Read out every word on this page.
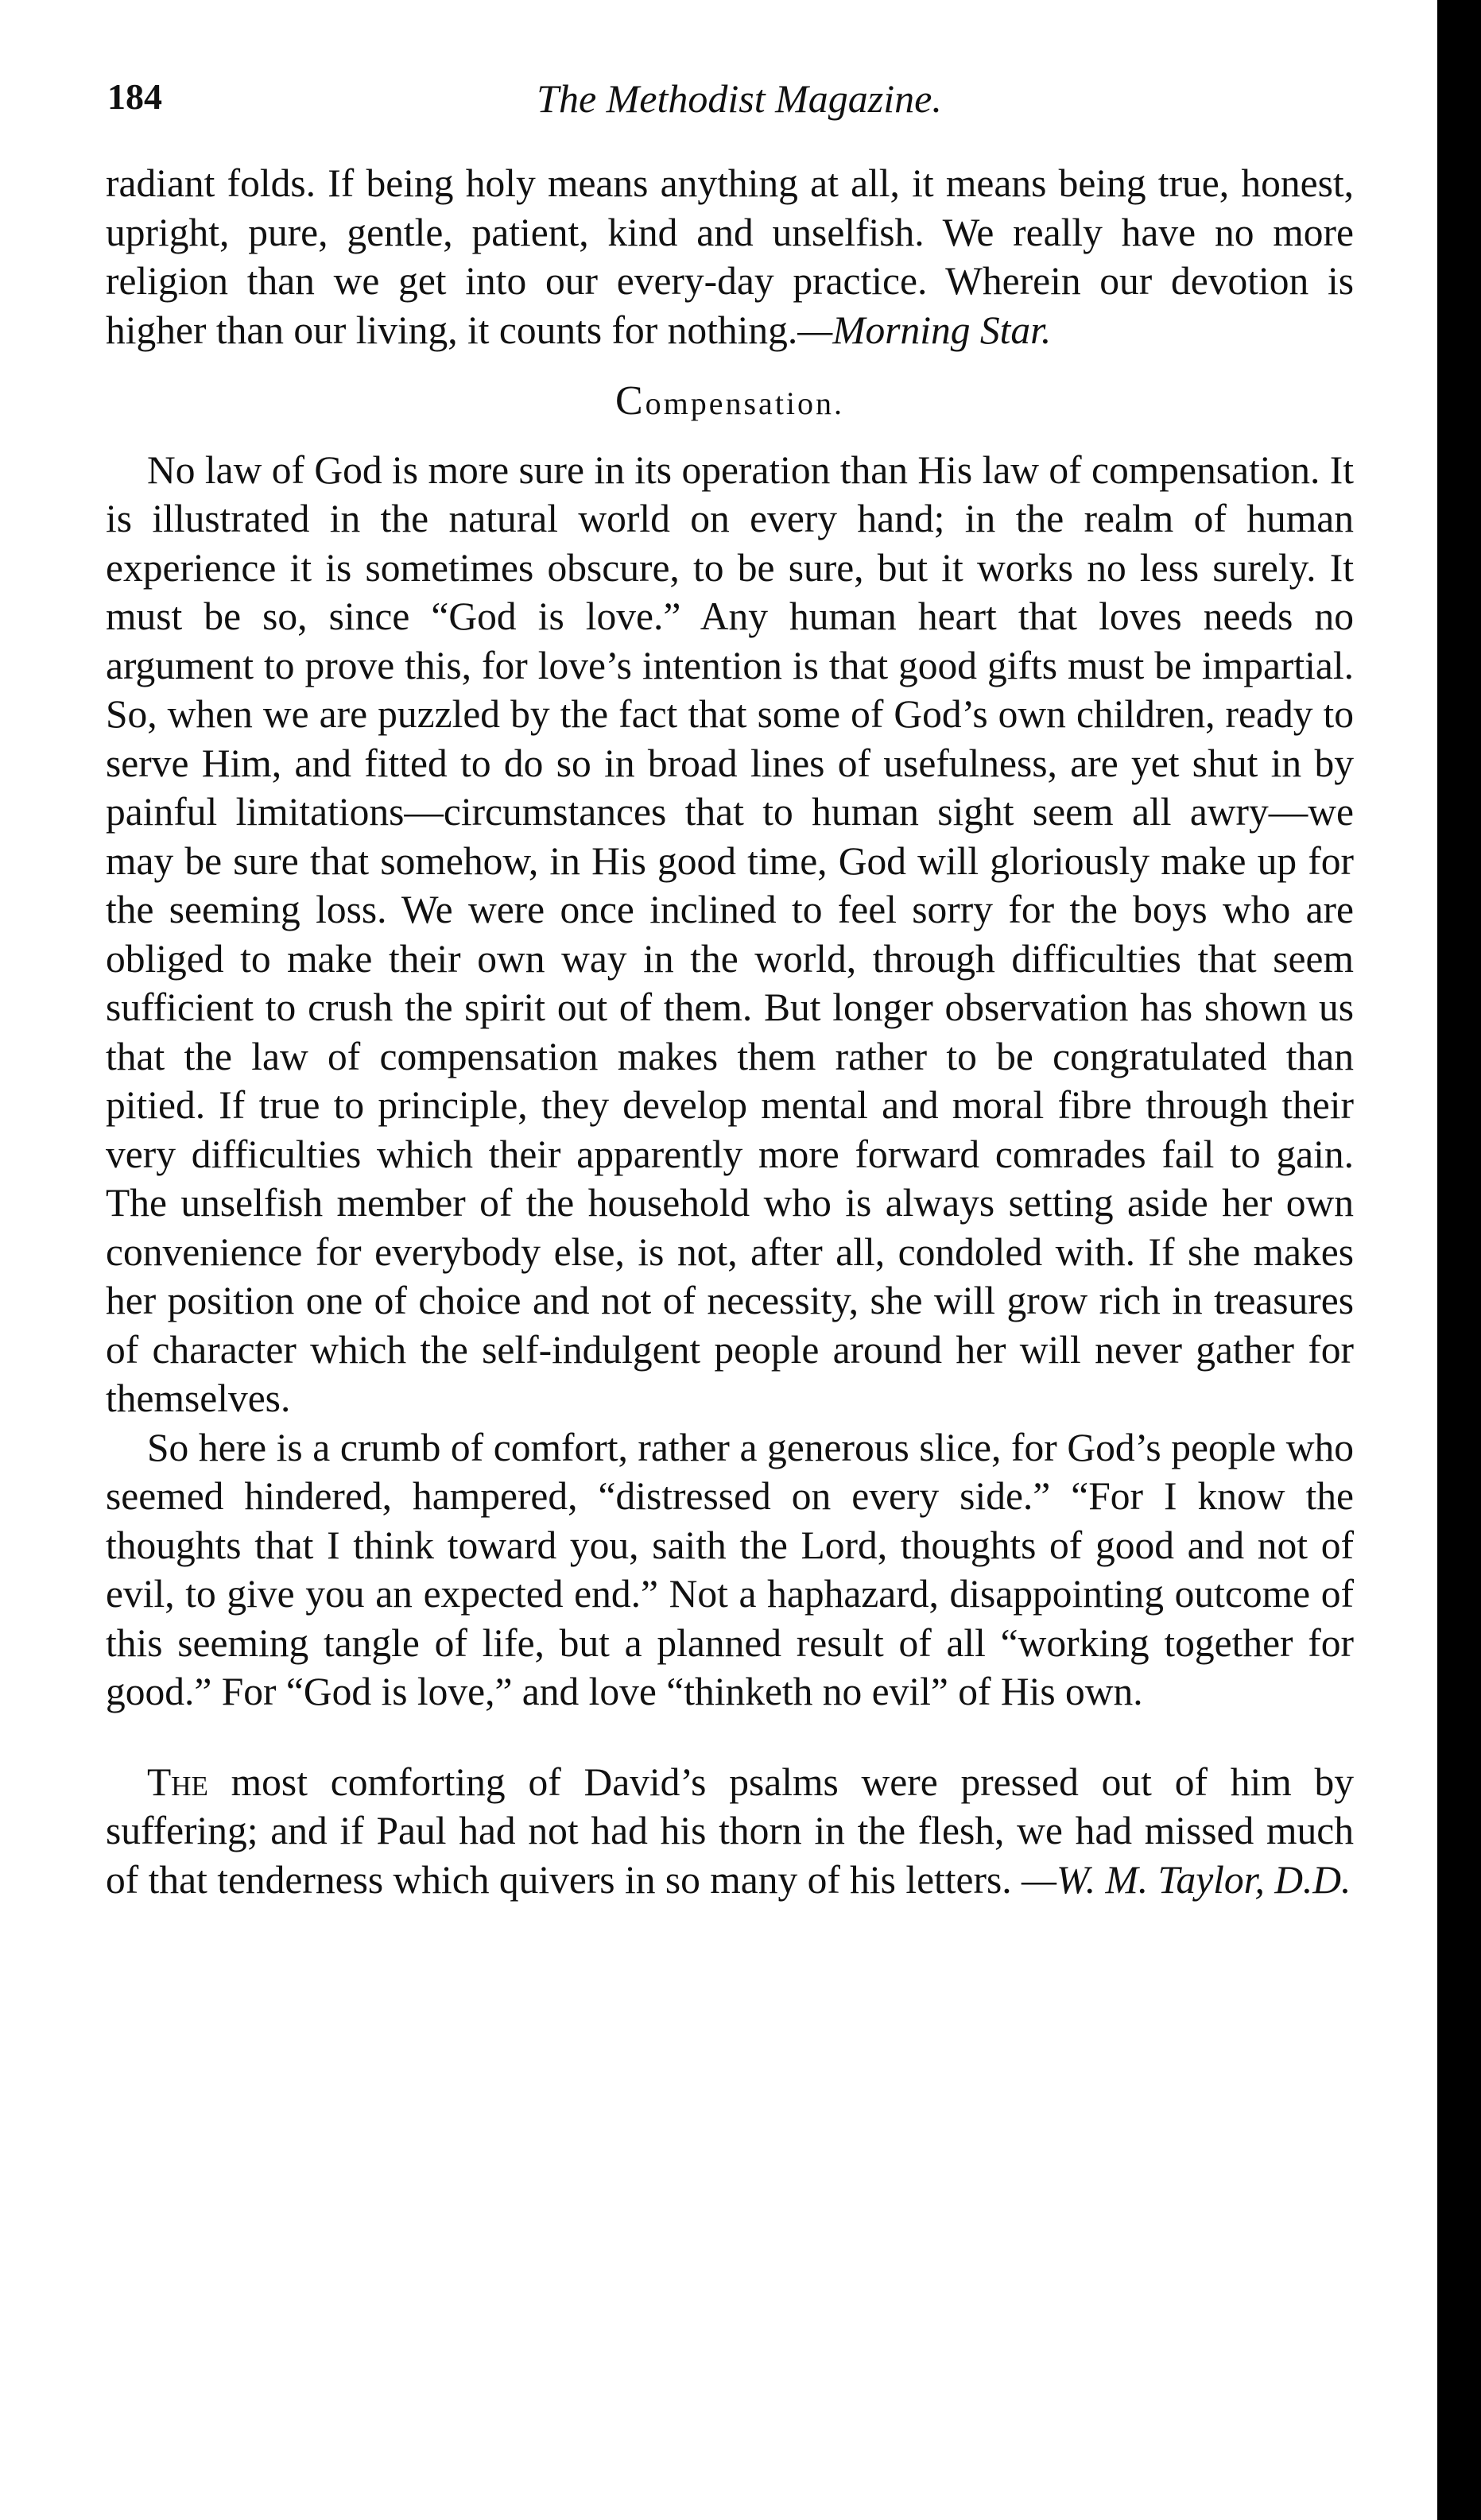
184	The Methodist Magazine.

radiant folds. If being holy means anything at all, it means being true, honest, upright, pure, gentle, patient, kind and unselfish. We really have no more religion than we get into our every-day practice. Wherein our devotion is higher than our living, it counts for nothing.—Morning Star.

Compensation.

No law of God is more sure in its operation than His law of compensation. It is illustrated in the natural world on every hand; in the realm of human experience it is sometimes obscure, to be sure, but it works no less surely. It must be so, since “God is love.” Any human heart that loves needs no argument to prove this, for love’s intention is that good gifts must be impartial. So, when we are puzzled by the fact that some of God’s own children, ready to serve Him, and fitted to do so in broad lines of usefulness, are yet shut in by painful limitations—circumstances that to human sight seem all awry—we may be sure that somehow, in His good time, God will gloriously make up for the seeming loss. We were once inclined to feel sorry for the boys who are obliged to make their own way in the world, through difficulties that seem sufficient to crush the spirit out of them. But longer observation has shown us that the law of compensation makes them rather to be congratulated than pitied. If true to principle, they develop mental and moral fibre through their very difficulties which their apparently more forward comrades fail to gain. The unselfish member of the household who is always setting aside her own convenience for everybody else, is not, after all, condoled with. If she makes her position one of choice and not of necessity, she will grow rich in treasures of character which the self-indulgent people around her will never gather for themselves.

So here is a crumb of comfort, rather a generous slice, for God’s people who seemed hindered, hampered, “distressed on every side.” “For I know the thoughts that I think toward you, saith the Lord, thoughts of good and not of evil, to give you an expected end.” Not a haphazard, disappointing outcome of this seeming tangle of life, but a planned result of all “working together for good.” For “God is love,” and love “thinketh no evil” of His own.

The most comforting of David’s psalms were pressed out of him by suffering; and if Paul had not had his thorn in the flesh, we had missed much of that tenderness which quivers in so many of his letters. —W. M. Taylor, D.D.
